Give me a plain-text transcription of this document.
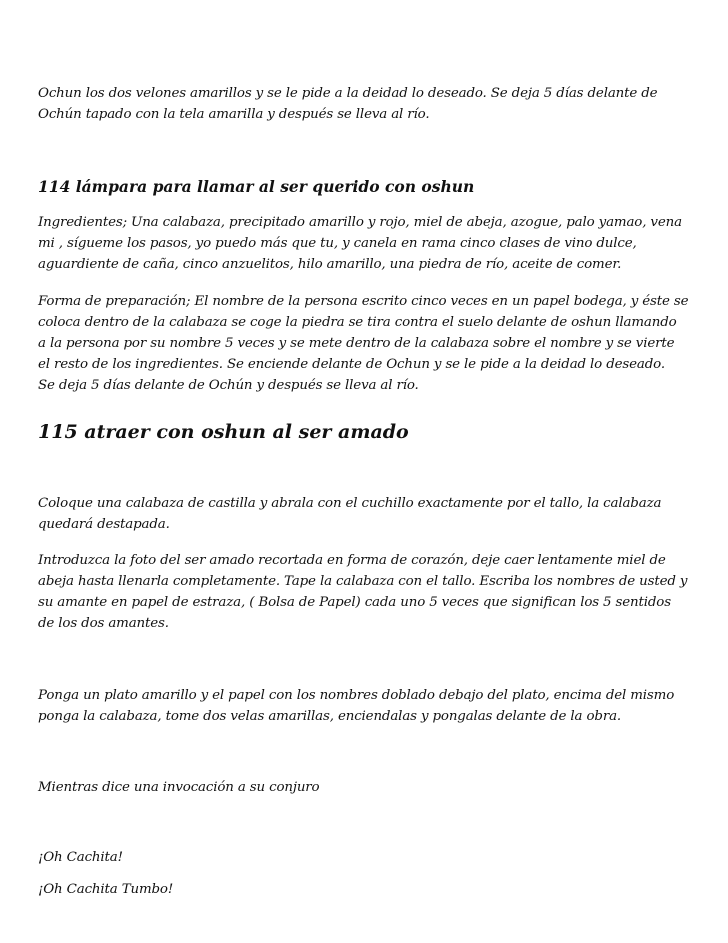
Ochun los dos velones amarillos y se le pide a la deidad lo deseado. Se deja 5 días delante de
Ochún tapado con la tela amarilla y después se lleva al río.

114 lámpara para llamar al ser querido con oshun

Ingredientes; Una calabaza, precipitado amarillo y rojo, miel de abeja, azogue, palo yamao, vena
mi , sígueme los pasos, yo puedo más que tu, y canela en rama cinco clases de vino dulce,
aguardiente de caña, cinco anzuelitos, hilo amarillo, una piedra de río, aceite de comer.

Forma de preparación; El nombre de la persona escrito cinco veces en un papel bodega, y éste se
coloca dentro de la calabaza se coge la piedra se tira contra el suelo delante de oshun llamando
a la persona por su nombre 5 veces y se mete dentro de la calabaza sobre el nombre y se vierte
el resto de los ingredientes. Se enciende delante de Ochun y se le pide a la deidad lo deseado.
Se deja 5 días delante de Ochún y después se lleva al río.

115 atraer con oshun al ser amado

Coloque una calabaza de castilla y abrala con el cuchillo exactamente por el tallo, la calabaza
quedará destapada.

Introduzca la foto del ser amado recortada en forma de corazón, deje caer lentamente miel de
abeja hasta llenarla completamente. Tape la calabaza con el tallo. Escriba los nombres de usted y
su amante en papel de estraza, ( Bolsa de Papel) cada uno 5 veces que significan los 5 sentidos
de los dos amantes.

Ponga un plato amarillo y el papel con los nombres doblado debajo del plato, encima del mismo
ponga la calabaza, tome dos velas amarillas, enciendalas y pongalas delante de la obra.

Mientras dice una invocación a su conjuro

¡Oh Cachita!

¡Oh Cachita Tumbo!
